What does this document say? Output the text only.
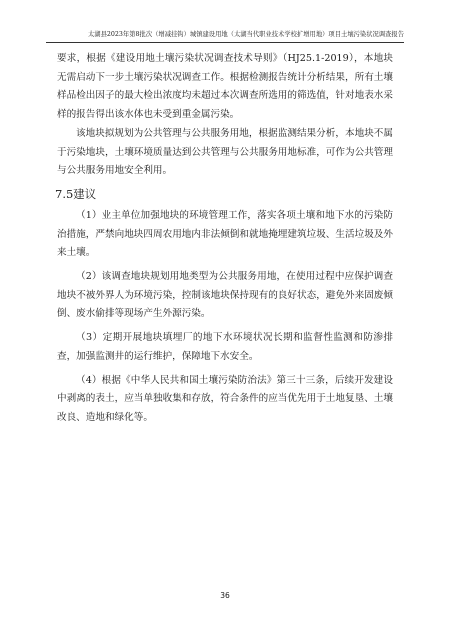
太湖县2023年第8批次（增减挂钩）城镇建设用地（太湖当代职业技术学校扩增用地）项目土壤污染状况调查报告

要求，根据《建设用地土壤污染状况调查技术导则》（HJ25.1-2019），本地块无需启动下一步土壤污染状况调查工作。根据检测报告统计分析结果，所有土壤样品检出因子的最大检出浓度均未超过本次调查所选用的筛选值，针对地表水采样的报告得出该水体也未受到重金属污染。

该地块拟规划为公共管理与公共服务用地，根据监测结果分析，本地块不属于污染地块，土壤环境质量达到公共管理与公共服务用地标准，可作为公共管理与公共服务用地安全利用。

7.5建议

（1）业主单位加强地块的环境管理工作，落实各项土壤和地下水的污染防治措施，严禁向地块四周农用地内非法倾倒和就地掩埋建筑垃圾、生活垃圾及外来土壤。

（2）该调查地块规划用地类型为公共服务用地，在使用过程中应保护调查地块不被外界人为环境污染，控制该地块保持现有的良好状态，避免外来固废倾倒、废水偷排等现场产生外源污染。

（3）定期开展地块填埋厂的地下水环境状况长期和监督性监测和防渗排查，加强监测井的运行维护，保障地下水安全。

（4）根据《中华人民共和国土壤污染防治法》第三十三条，后续开发建设中剥离的表土，应当单独收集和存放，符合条件的应当优先用于土地复垦、土壤改良、造地和绿化等。

36
